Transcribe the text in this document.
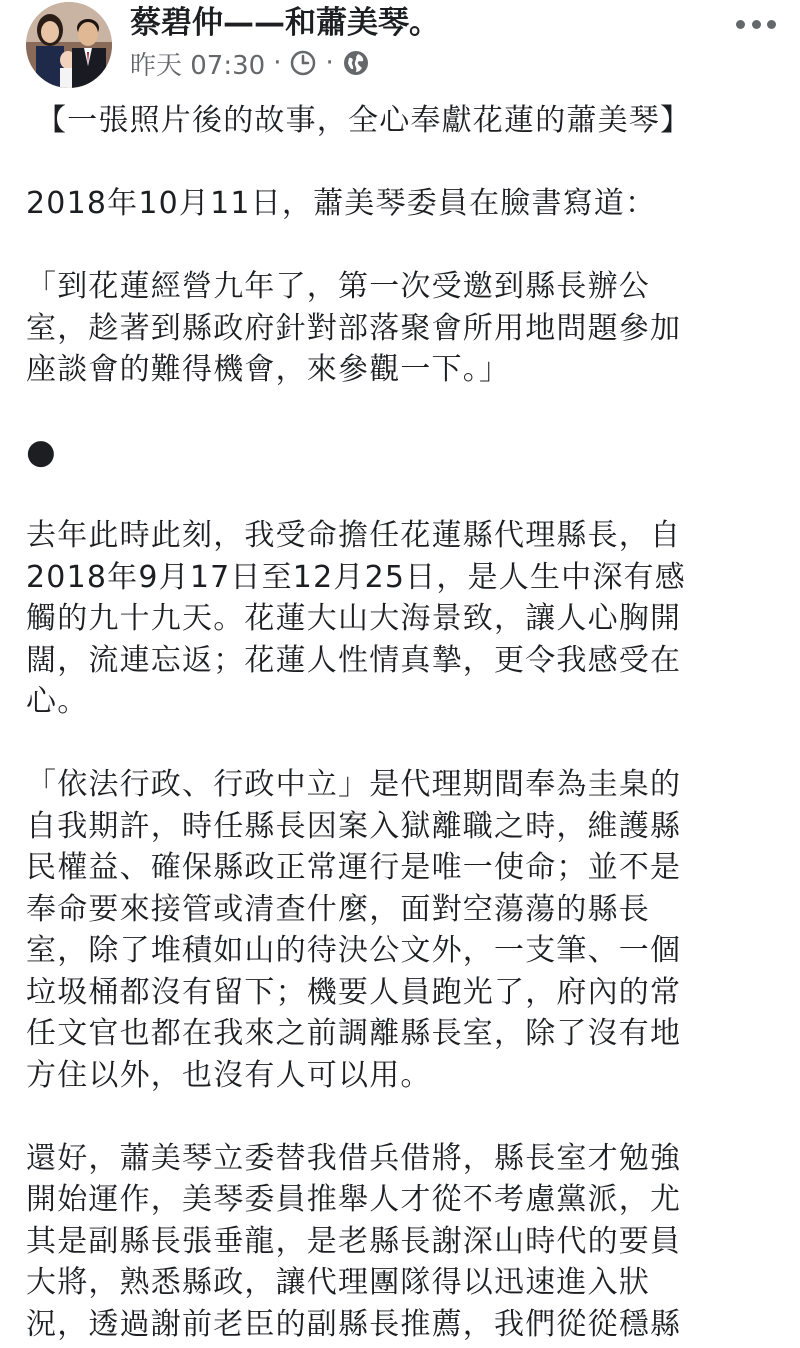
蔡碧仲——和蕭美琴。
昨天 07:30 · ·

【一張照片後的故事，全心奉獻花蓮的蕭美琴】

2018年10月11日，蕭美琴委員在臉書寫道：

「到花蓮經營九年了，第一次受邀到縣長辦公

室，趁著到縣政府針對部落聚會所用地問題參加

座談會的難得機會，來參觀一下。」

●

去年此時此刻，我受命擔任花蓮縣代理縣長，自

2018年9月17日至12月25日，是人生中深有感

觸的九十九天。花蓮大山大海景致，讓人心胸開

闊，流連忘返；花蓮人性情真摯，更令我感受在

心。

「依法行政、行政中立」是代理期間奉為圭臬的

自我期許，時任縣長因案入獄離職之時，維護縣

民權益、確保縣政正常運行是唯一使命；並不是

奉命要來接管或清查什麼，面對空蕩蕩的縣長

室，除了堆積如山的待決公文外，一支筆、一個

垃圾桶都沒有留下；機要人員跑光了，府內的常

任文官也都在我來之前調離縣長室，除了沒有地

方住以外，也沒有人可以用。

還好，蕭美琴立委替我借兵借將，縣長室才勉強

開始運作，美琴委員推舉人才從不考慮黨派，尤

其是副縣長張垂龍，是老縣長謝深山時代的要員

大將，熟悉縣政，讓代理團隊得以迅速進入狀

況，透過謝前老臣的副縣長推薦，我們從從穩縣
